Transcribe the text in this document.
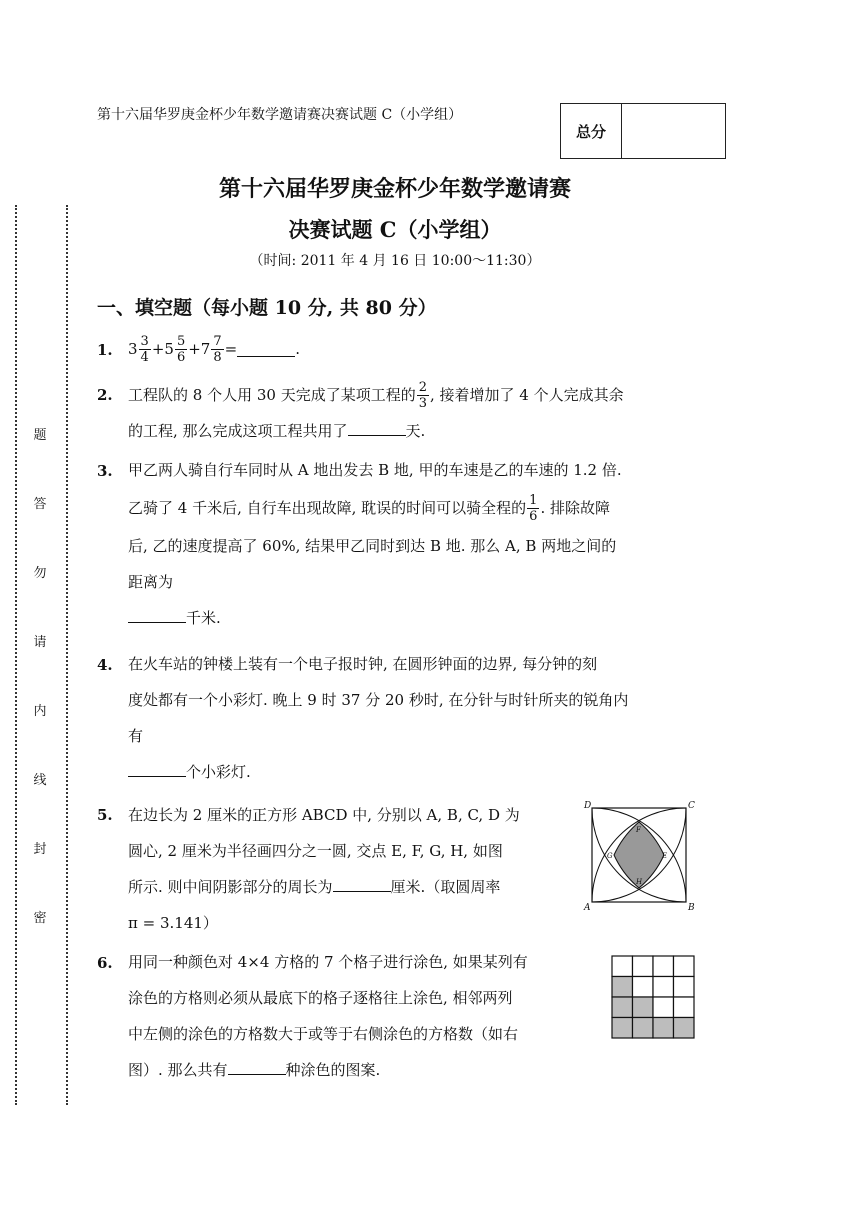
第十六届华罗庚金杯少年数学邀请赛决赛试题 C（小学组）
总分
第十六届华罗庚金杯少年数学邀请赛
决赛试题 C（小学组）
（时间: 2011 年 4 月 16 日 10:00～11:30）
题
答
勿
请
内
线
封
密
一、填空题（每小题 10 分, 共 80 分）
1. $3 \frac{3}{4} +5 \frac{5}{6} +7 \frac{7}{8}$ =	.
2. 工程队的 8 个人用 30 天完成了某项工程的 $\frac{2}{3}$ , 接着增加了 4 个人完成其余
的工程, 那么完成这项工程共用了	天.
3. 甲乙两人骑自行车同时从 A 地出发去 B 地, 甲的车速是乙的车速的 1.2 倍.
乙骑了 4 千米后, 自行车出现故障, 耽误的时间可以骑全程的 $\frac{1}{6}$ . 排除故障
后, 乙的速度提高了 60%, 结果甲乙同时到达 B 地. 那么 A, B 两地之间的
距离为
千米.
4. 在火车站的钟楼上装有一个电子报时钟, 在圆形钟面的边界, 每分钟的刻
度处都有一个小彩灯. 晚上 9 时 37 分 20 秒时, 在分针与时针所夹的锐角内
有
个小彩灯.
5. 在边长为 2 厘米的正方形 ABCD 中, 分别以 A, B, C, D 为
圆心, 2 厘米为半径画四分之一圆, 交点 E, F, G, H, 如图
所示. 则中间阴影部分的周长为	厘米.（取圆周率
π = 3.141）
D	C
A	B
E
F
G
H
6. 用同一种颜色对 4×4 方格的 7 个格子进行涂色, 如果某列有
涂色的方格则必须从最底下的格子逐格往上涂色, 相邻两列
中左侧的涂色的方格数大于或等于右侧涂色的方格数（如右
图）. 那么共有	种涂色的图案.
